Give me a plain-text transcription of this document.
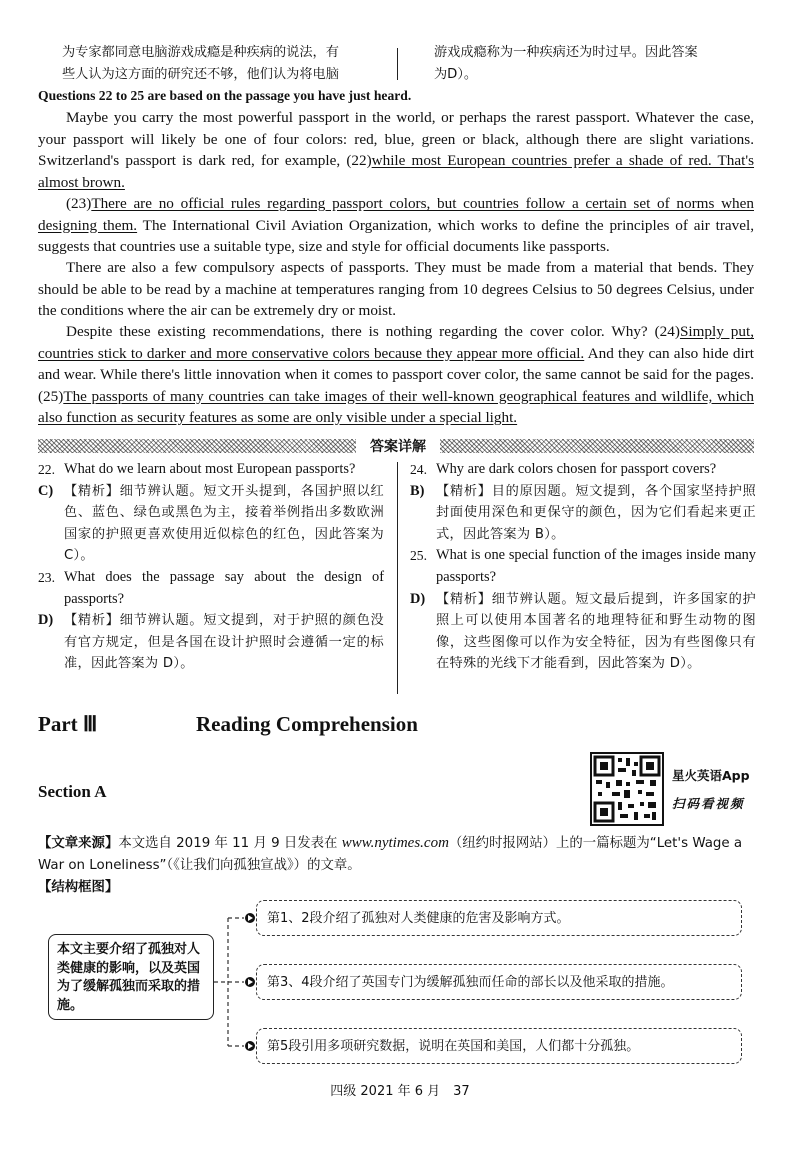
为专家都同意电脑游戏成瘾是种疾病的说法，有
些人认为这方面的研究还不够，他们认为将电脑
游戏成瘾称为一种疾病还为时过早。因此答案
为D）。
Questions 22 to 25 are based on the passage you have just heard.
Maybe you carry the most powerful passport in the world, or perhaps the rarest passport. Whatever the case, your passport will likely be one of four colors: red, blue, green or black, although there are slight variations. Switzerland's passport is dark red, for example, (22)while most European countries prefer a shade of red. That's almost brown.
(23)There are no official rules regarding passport colors, but countries follow a certain set of norms when designing them. The International Civil Aviation Organization, which works to define the principles of air travel, suggests that countries use a suitable type, size and style for official documents like passports.
There are also a few compulsory aspects of passports. They must be made from a material that bends. They should be able to be read by a machine at temperatures ranging from 10 degrees Celsius to 50 degrees Celsius, under the conditions where the air can be extremely dry or moist.
Despite these existing recommendations, there is nothing regarding the cover color. Why? (24)Simply put, countries stick to darker and more conservative colors because they appear more official. And they can also hide dirt and wear. While there's little innovation when it comes to passport cover color, the same cannot be said for the pages. (25)The passports of many countries can take images of their well-known geographical features and wildlife, which also function as security features as some are only visible under a special light.
答案详解
22. What do we learn about most European passports?
C) 【精析】细节辨认题。短文开头提到，各国护照以红色、蓝色、绿色或黑色为主，接着举例指出多数欧洲国家的护照更喜欢使用近似棕色的红色，因此答案为 C）。
23. What does the passage say about the design of passports?
D) 【精析】细节辨认题。短文提到，对于护照的颜色没有官方规定，但是各国在设计护照时会遵循一定的标准，因此答案为 D）。
24. Why are dark colors chosen for passport covers?
B) 【精析】目的原因题。短文提到，各个国家坚持护照封面使用深色和更保守的颜色，因为它们看起来更正式，因此答案为 B）。
25. What is one special function of the images inside many passports?
D) 【精析】细节辨认题。短文最后提到，许多国家的护照上可以使用本国著名的地理特征和野生动物的图像，这些图像可以作为安全特征，因为有些图像只有在特殊的光线下才能看到，因此答案为 D）。
Part Ⅲ	Reading Comprehension
Section A
星火英语App
扫码看视频
【文章来源】本文选自 2019 年 11 月 9 日发表在 www.nytimes.com（纽约时报网站）上的一篇标题为“Let's Wage a War on Loneliness”（《让我们向孤独宣战》）的文章。
【结构框图】
本文主要介绍了孤独对人类健康的影响，以及英国为了缓解孤独而采取的措施。
第1、2段介绍了孤独对人类健康的危害及影响方式。
第3、4段介绍了英国专门为缓解孤独而任命的部长以及他采取的措施。
第5段引用多项研究数据，说明在英国和美国，人们都十分孤独。
四级 2021 年 6 月　37
